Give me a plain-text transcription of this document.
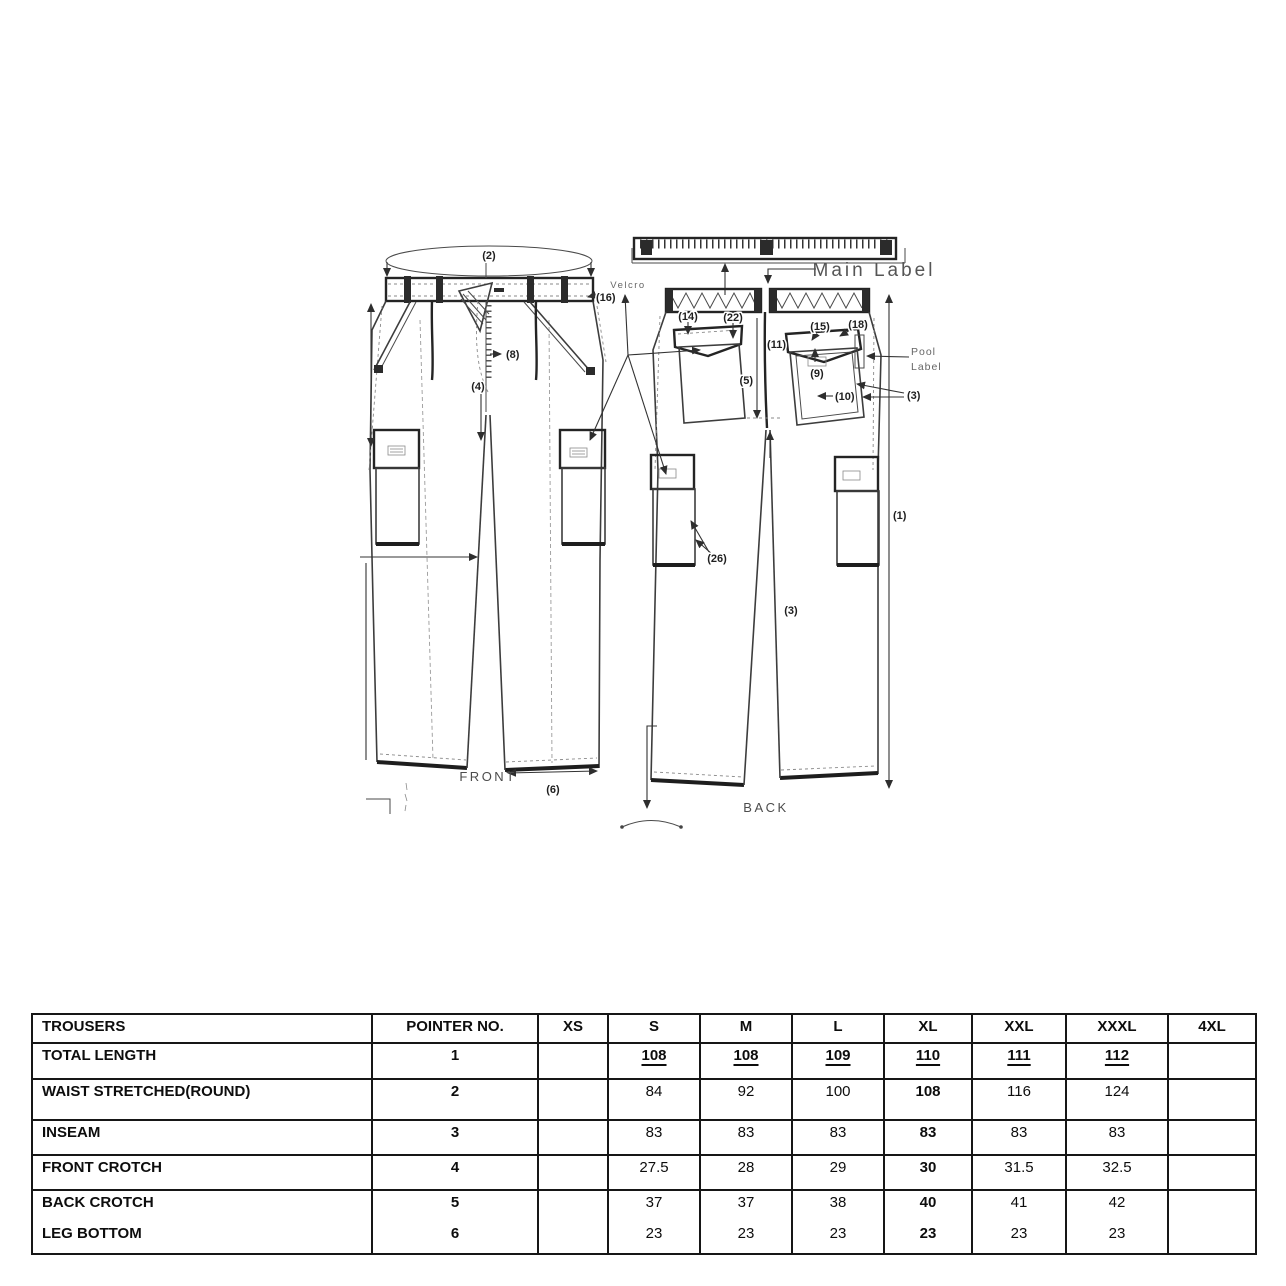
(2)
(16)
Velcro
(8)
(4)
FRONT
(6)
Main Label
(14) (22)
(15) (18)
(11)
(9)
(10)
(5)
Pool
Label
(3)
(26)
(3)
(1)
BACK
TROUSERS	POINTER NO.	XS	S	M	L	XL	XXL	XXXL	4XL
TOTAL LENGTH	1		108	108	109	110	111	112	
WAIST STRETCHED(ROUND)	2		84	92	100	108	116	124	
INSEAM	3		83	83	83	83	83	83	
FRONT CROTCH	4		27.5	28	29	30	31.5	32.5	
BACK CROTCH	5		37	37	38	40	41	42	
LEG BOTTOM	6		23	23	23	23	23	23	
